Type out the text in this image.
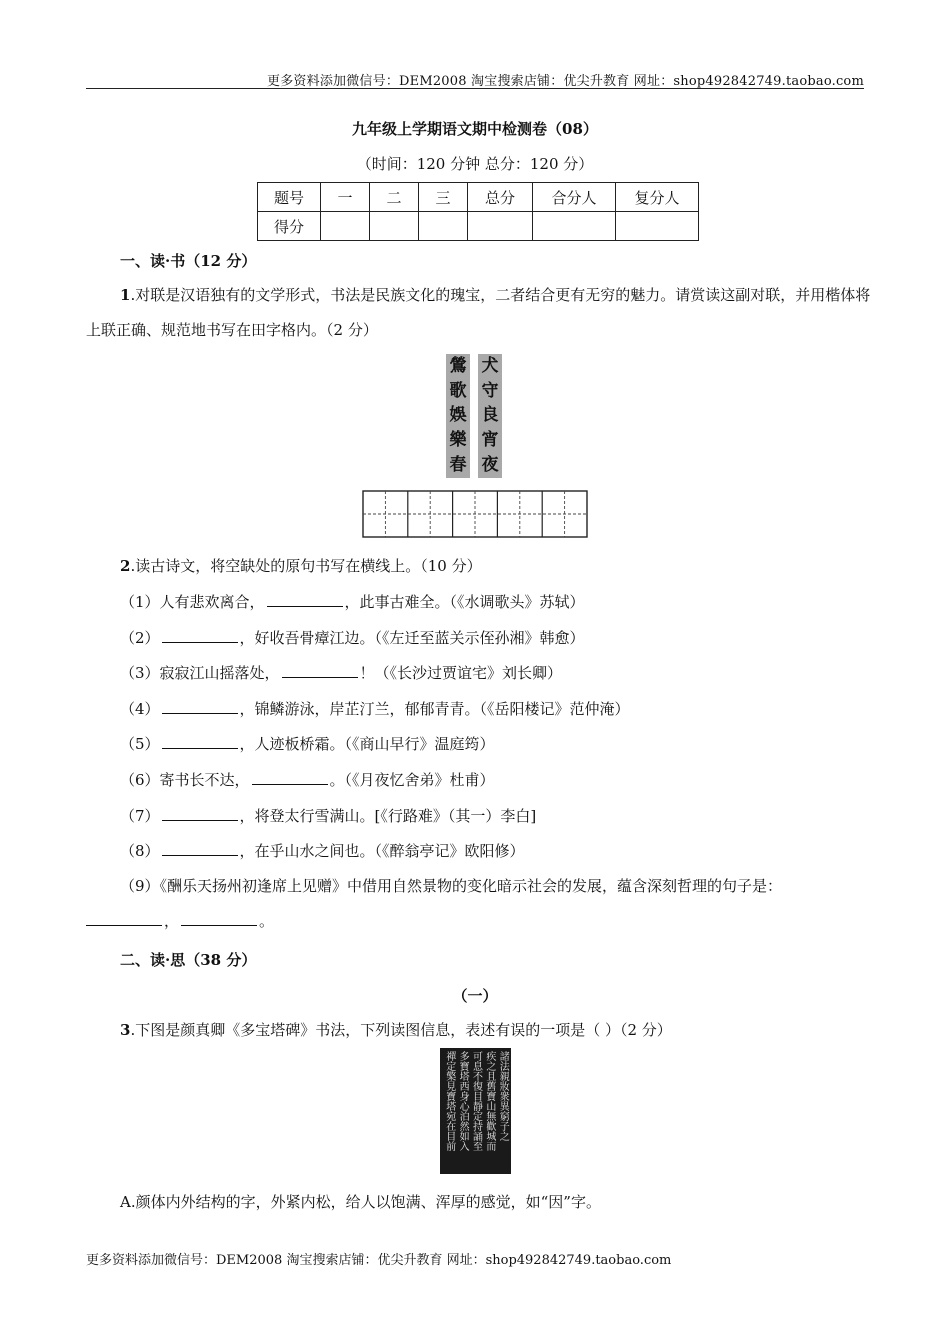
更多资料添加微信号：DEM2008 淘宝搜索店铺：优尖升教育 网址：shop492842749.taobao.com
九年级上学期语文期中检测卷（08）
（时间：120 分钟 总分：120 分）
题号	一	二	三	总分	合分人	复分人
得分						
一、读·书（12 分）
1.对联是汉语独有的文学形式，书法是民族文化的瑰宝，二者结合更有无穷的魅力。请赏读这副对联，并用楷体将上联正确、规范地书写在田字格内。（2 分）
鶯
歌
娛
樂
春
犬
守
良
宵
夜
2.读古诗文，将空缺处的原句书写在横线上。（10 分）
（1）人有悲欢离合，	，此事古难全。（《水调歌头》苏轼）
（2）	，好收吾骨瘴江边。（《左迁至蓝关示侄孙湘》韩愈）
（3）寂寂江山摇落处，	！（《长沙过贾谊宅》刘长卿）
（4）	，锦鳞游泳，岸芷汀兰，郁郁青青。（《岳阳楼记》范仲淹）
（5）	，人迹板桥霜。（《商山早行》温庭筠）
（6）寄书长不达，	。（《月夜忆舍弟》杜甫）
（7）	，将登太行雪满山。[《行路难》（其一）李白]
（8）	，在乎山水之间也。（《醉翁亭记》欧阳修）
（9）《酬乐天扬州初逢席上见赠》中借用自然景物的变化暗示社会的发展，蕴含深刻哲理的句子是：
，	。
二、读·思（38 分）
（一）
3.下图是颜真卿《多宝塔碑》书法，下列读图信息，表述有误的一项是（ ）（2 分）
諸法親妝衆異窮子之
疾之且舊寶山無歡城而
可息不復目靜定持誦至
多寶塔西身心泊然如入
禪定檠見寶塔宛在目前
A.颜体内外结构的字，外紧内松，给人以饱满、浑厚的感觉，如“因”字。
更多资料添加微信号：DEM2008 淘宝搜索店铺：优尖升教育 网址：shop492842749.taobao.com
